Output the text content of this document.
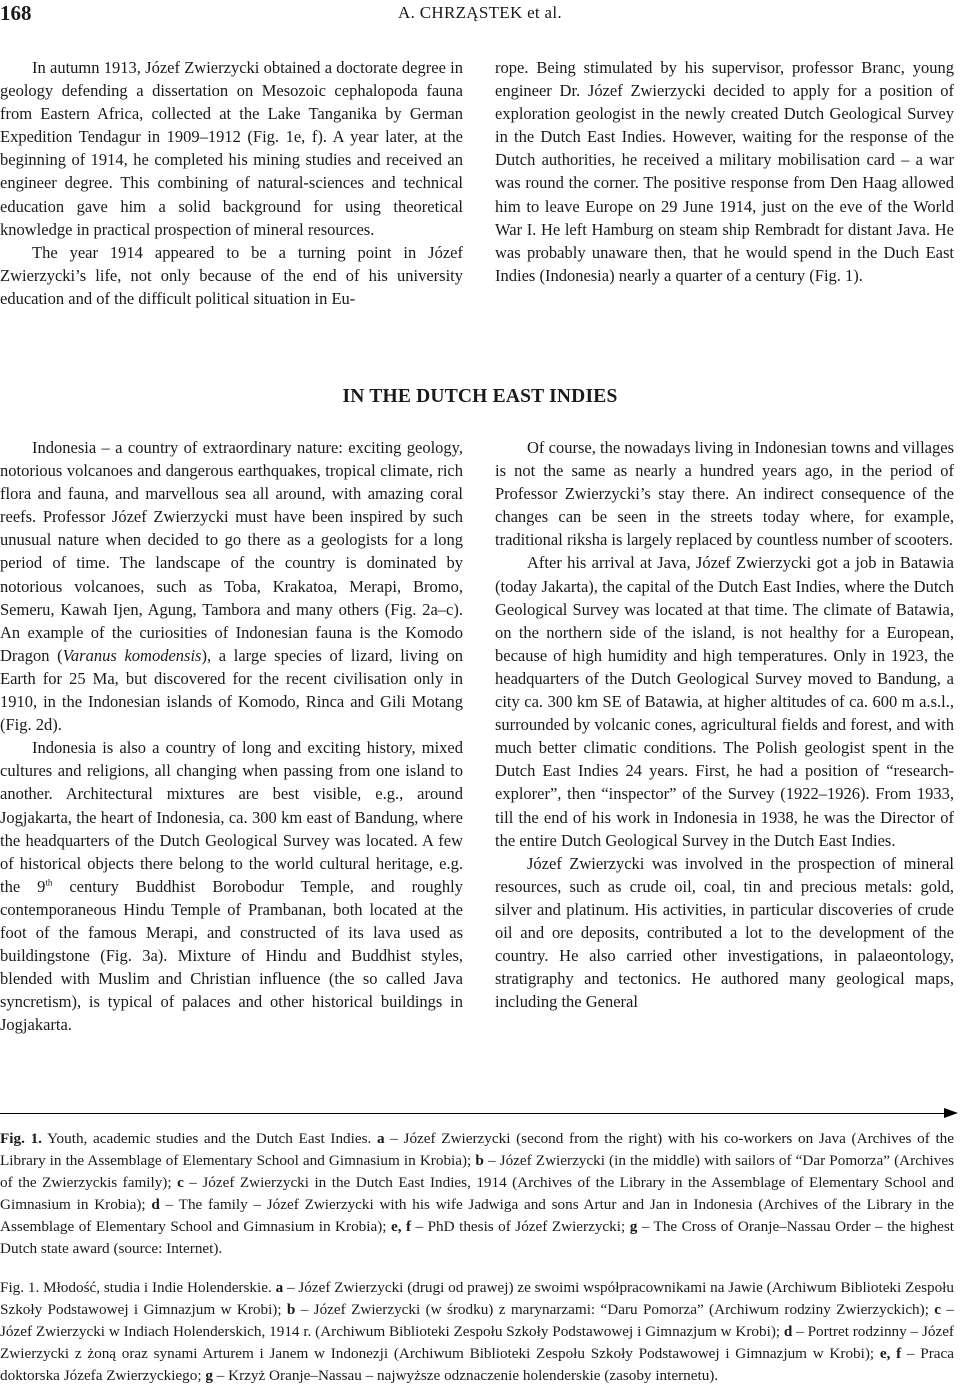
168	A. CHRZĄSTEK et al.

In autumn 1913, Józef Zwierzycki obtained a doctorate degree in geology defending a dissertation on Mesozoic cephalopoda fauna from Eastern Africa, collected at the Lake Tanganika by German Expedition Tendagur in 1909–1912 (Fig. 1e, f). A year later, at the beginning of 1914, he completed his mining studies and received an engineer degree. This combining of natural-sciences and technical education gave him a solid background for using theoretical knowledge in practical prospection of mineral resources.

The year 1914 appeared to be a turning point in Józef Zwierzycki’s life, not only because of the end of his university education and of the difficult political situation in Eu-

rope. Being stimulated by his supervisor, professor Branc, young engineer Dr. Józef Zwierzycki decided to apply for a position of exploration geologist in the newly created Dutch Geological Survey in the Dutch East Indies. However, waiting for the response of the Dutch authorities, he received a military mobilisation card – a war was round the corner. The positive response from Den Haag allowed him to leave Europe on 29 June 1914, just on the eve of the World War I. He left Hamburg on steam ship Rembradt for distant Java. He was probably unaware then, that he would spend in the Duch East Indies (Indonesia) nearly a quarter of a century (Fig. 1).

IN THE DUTCH EAST INDIES

Indonesia – a country of extraordinary nature: exciting geology, notorious volcanoes and dangerous earthquakes, tropical climate, rich flora and fauna, and marvellous sea all around, with amazing coral reefs. Professor Józef Zwierzycki must have been inspired by such unusual nature when decided to go there as a geologists for a long period of time. The landscape of the country is dominated by notorious volcanoes, such as Toba, Krakatoa, Merapi, Bromo, Semeru, Kawah Ijen, Agung, Tambora and many others (Fig. 2a–c). An example of the curiosities of Indonesian fauna is the Komodo Dragon (Varanus komodensis), a large species of lizard, living on Earth for 25 Ma, but discovered for the recent civilisation only in 1910, in the Indonesian islands of Komodo, Rinca and Gili Motang (Fig. 2d).

Indonesia is also a country of long and exciting history, mixed cultures and religions, all changing when passing from one island to another. Architectural mixtures are best visible, e.g., around Jogjakarta, the heart of Indonesia, ca. 300 km east of Bandung, where the headquarters of the Dutch Geological Survey was located. A few of historical objects there belong to the world cultural heritage, e.g. the 9th century Buddhist Borobodur Temple, and roughly contemporaneous Hindu Temple of Prambanan, both located at the foot of the famous Merapi, and constructed of its lava used as buildingstone (Fig. 3a). Mixture of Hindu and Buddhist styles, blended with Muslim and Christian influence (the so called Java syncretism), is typical of palaces and other historical buildings in Jogjakarta.

Of course, the nowadays living in Indonesian towns and villages is not the same as nearly a hundred years ago, in the period of Professor Zwierzycki’s stay there. An indirect consequence of the changes can be seen in the streets today where, for example, traditional riksha is largely replaced by countless number of scooters.

After his arrival at Java, Józef Zwierzycki got a job in Batawia (today Jakarta), the capital of the Dutch East Indies, where the Dutch Geological Survey was located at that time. The climate of Batawia, on the northern side of the island, is not healthy for a European, because of high humidity and high temperatures. Only in 1923, the headquarters of the Dutch Geological Survey moved to Bandung, a city ca. 300 km SE of Batawia, at higher altitudes of ca. 600 m a.s.l., surrounded by volcanic cones, agricultural fields and forest, and with much better climatic conditions. The Polish geologist spent in the Dutch East Indies 24 years. First, he had a position of “research-explorer”, then “inspector” of the Survey (1922–1926). From 1933, till the end of his work in Indonesia in 1938, he was the Director of the entire Dutch Geological Survey in the Dutch East Indies.

Józef Zwierzycki was involved in the prospection of mineral resources, such as crude oil, coal, tin and precious metals: gold, silver and platinum. His activities, in particular discoveries of crude oil and ore deposits, contributed a lot to the development of the country. He also carried other investigations, in palaeontology, stratigraphy and tectonics. He authored many geological maps, including the General

Fig. 1. Youth, academic studies and the Dutch East Indies. a – Józef Zwierzycki (second from the right) with his co-workers on Java (Archives of the Library in the Assemblage of Elementary School and Gimnasium in Krobia); b – Józef Zwierzycki (in the middle) with sailors of “Dar Pomorza” (Archives of the Zwierzyckis family); c – Józef Zwierzycki in the Dutch East Indies, 1914 (Archives of the Library in the Assemblage of Elementary School and Gimnasium in Krobia); d – The family – Józef Zwierzycki with his wife Jadwiga and sons Artur and Jan in Indonesia (Archives of the Library in the Assemblage of Elementary School and Gimnasium in Krobia); e, f – PhD thesis of Józef Zwierzycki; g – The Cross of Oranje–Nassau Order – the highest Dutch state award (source: Internet).

Fig. 1. Młodość, studia i Indie Holenderskie. a – Józef Zwierzycki (drugi od prawej) ze swoimi współpracownikami na Jawie (Archiwum Biblioteki Zespołu Szkoły Podstawowej i Gimnazjum w Krobi); b – Józef Zwierzycki (w środku) z marynarzami: “Daru Pomorza” (Archiwum rodziny Zwierzyckich); c – Józef Zwierzycki w Indiach Holenderskich, 1914 r. (Archiwum Biblioteki Zespołu Szkoły Podstawowej i Gimnazjum w Krobi); d – Portret rodzinny – Józef Zwierzycki z żoną oraz synami Arturem i Janem w Indonezji (Archiwum Biblioteki Zespołu Szkoły Podstawowej i Gimnazjum w Krobi); e, f – Praca doktorska Józefa Zwierzyckiego; g – Krzyż Oranje–Nassau – najwyższe odznaczenie holenderskie (zasoby internetu).
